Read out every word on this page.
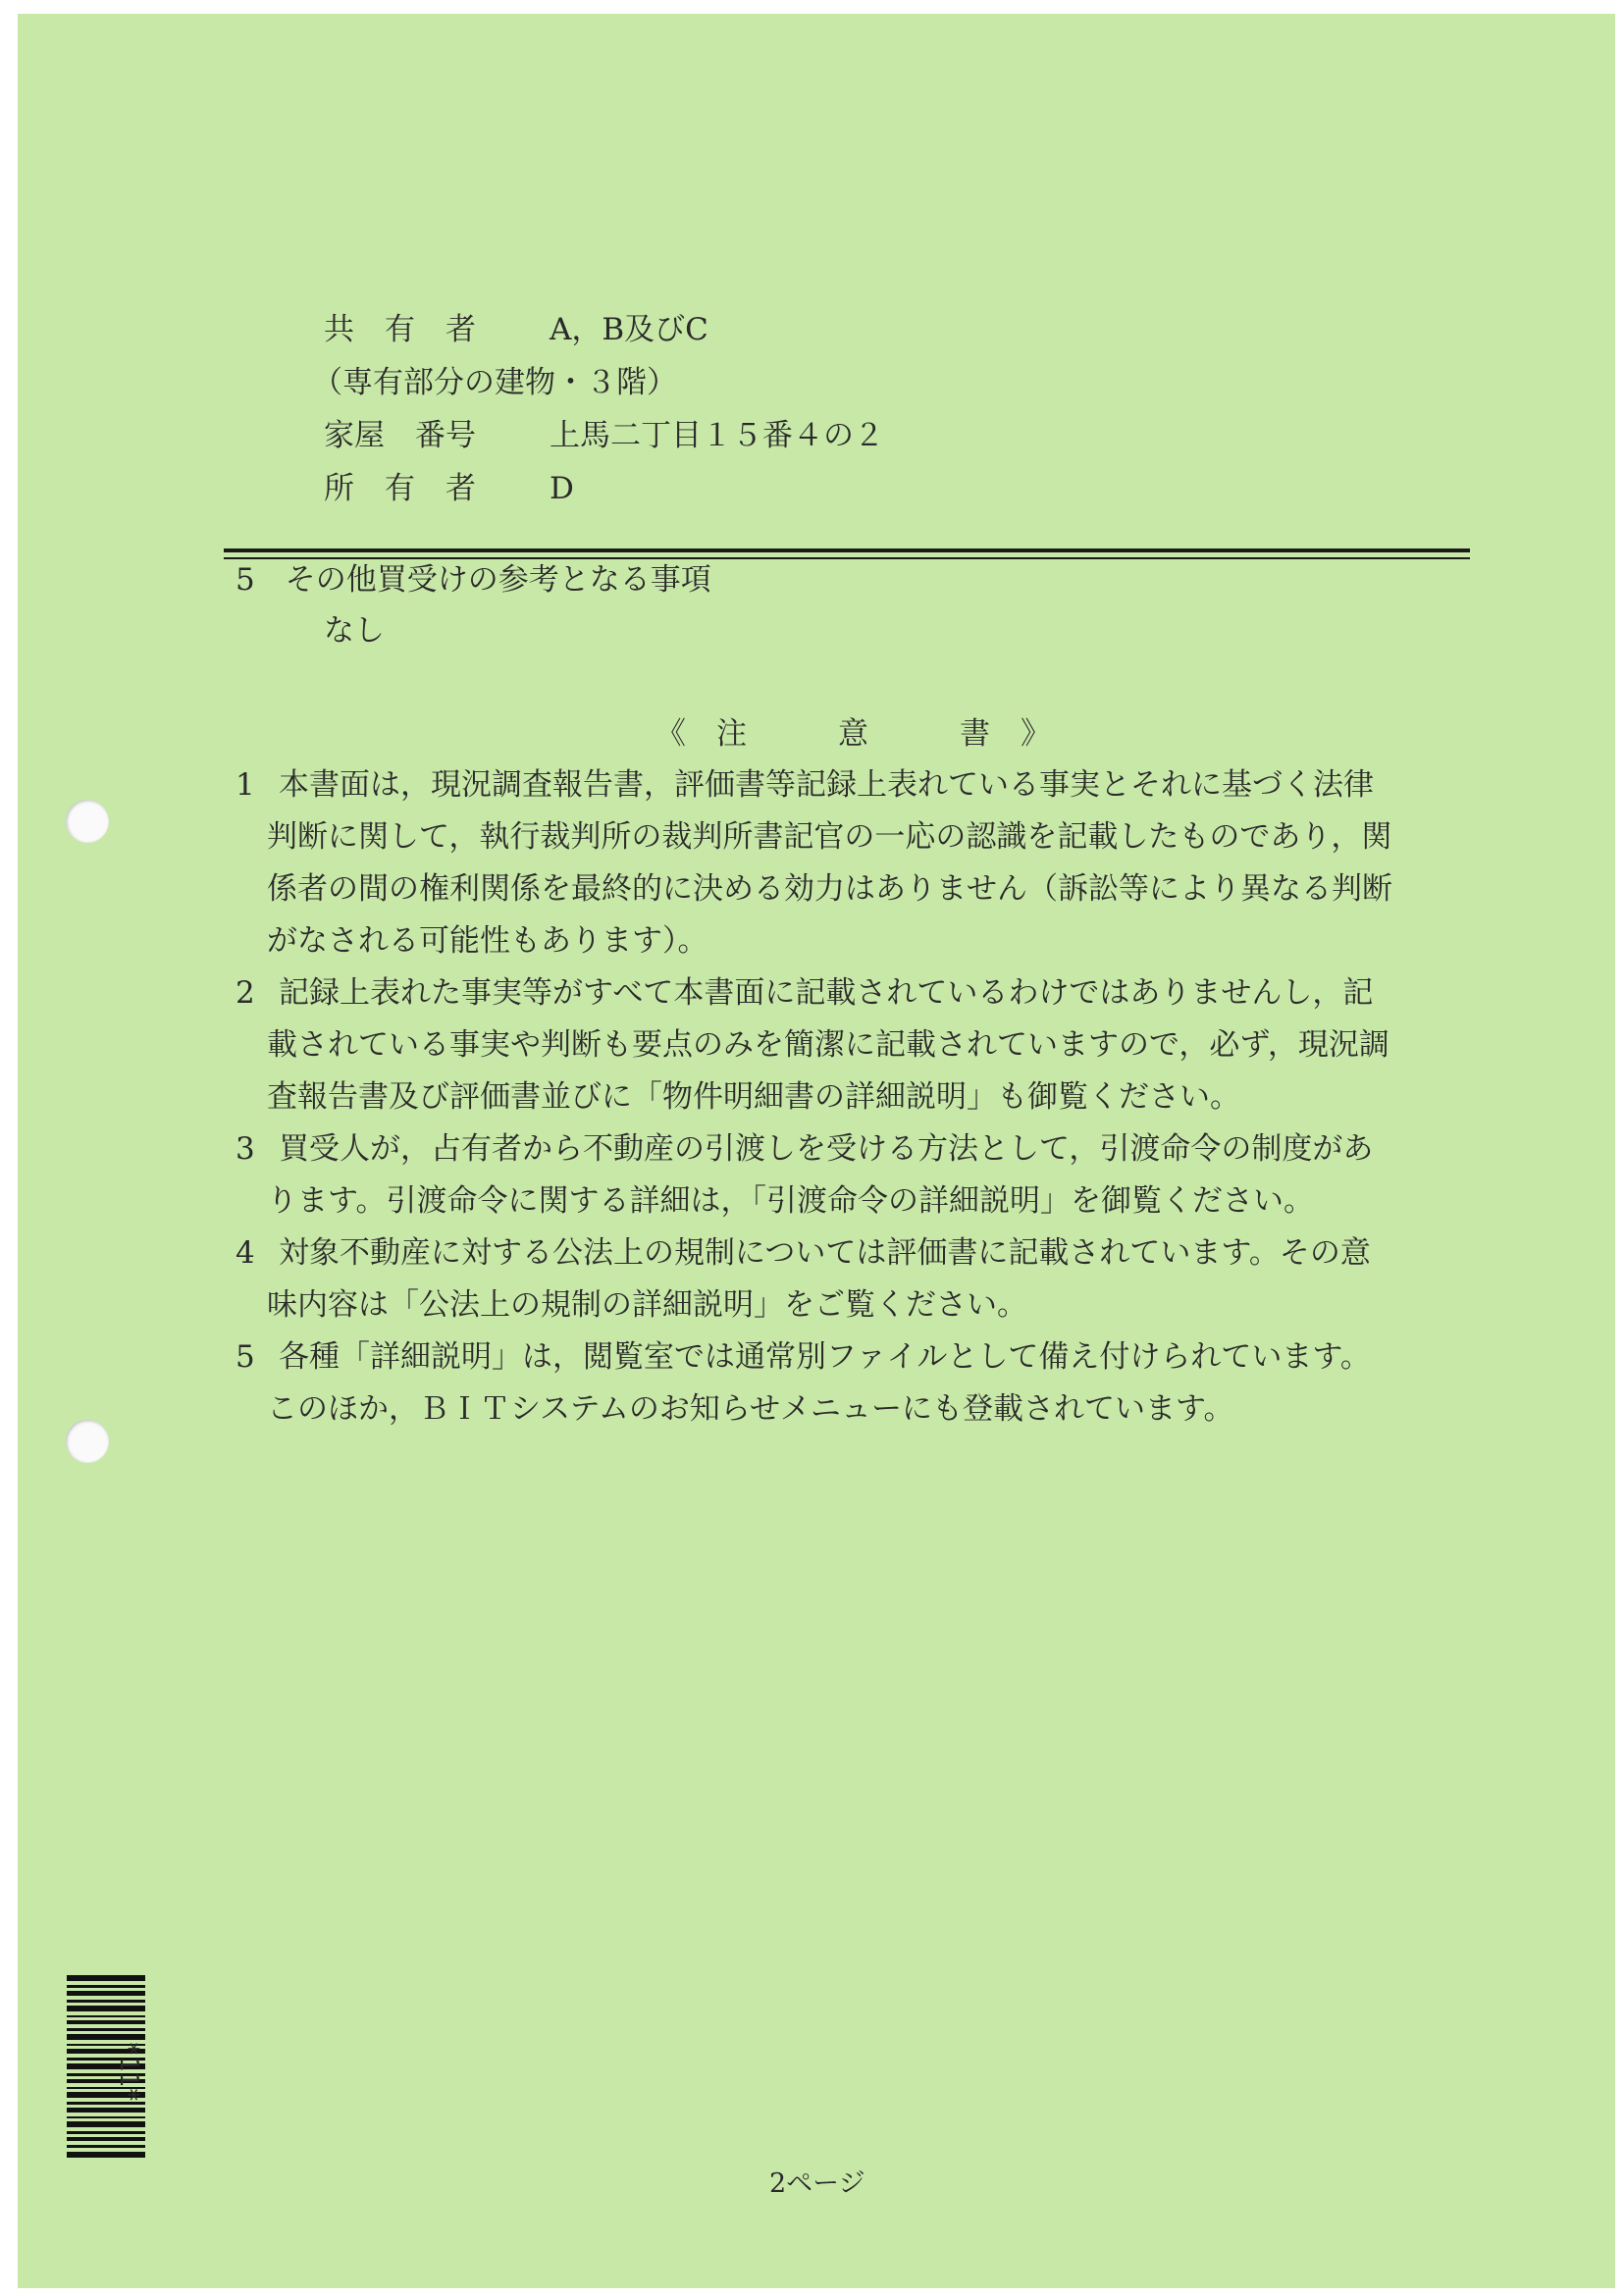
共　有　者 A，B及びC
（専有部分の建物・３階）
家屋　番号 上馬二丁目１５番４の２
所　有　者 D
5　その他買受けの参考となる事項
なし
《　注　　　意　　　書　》
1 本書面は，現況調査報告書，評価書等記録上表れている事実とそれに基づく法律
判断に関して，執行裁判所の裁判所書記官の一応の認識を記載したものであり，関
係者の間の権利関係を最終的に決める効力はありません（訴訟等により異なる判断
がなされる可能性もあります）。
2 記録上表れた事実等がすべて本書面に記載されているわけではありませんし，記
載されている事実や判断も要点のみを簡潔に記載されていますので，必ず，現況調
査報告書及び評価書並びに「物件明細書の詳細説明」も御覧ください。
3 買受人が，占有者から不動産の引渡しを受ける方法として，引渡命令の制度があ
ります。引渡命令に関する詳細は，「引渡命令の詳細説明」を御覧ください。
4 対象不動産に対する公法上の規制については評価書に記載されています。その意
味内容は「公法上の規制の詳細説明」をご覧ください。
5 各種「詳細説明」は，閲覧室では通常別ファイルとして備え付けられています。
このほか，ＢＩＴシステムのお知らせメニューにも登載されています。
*11*
2ページ
